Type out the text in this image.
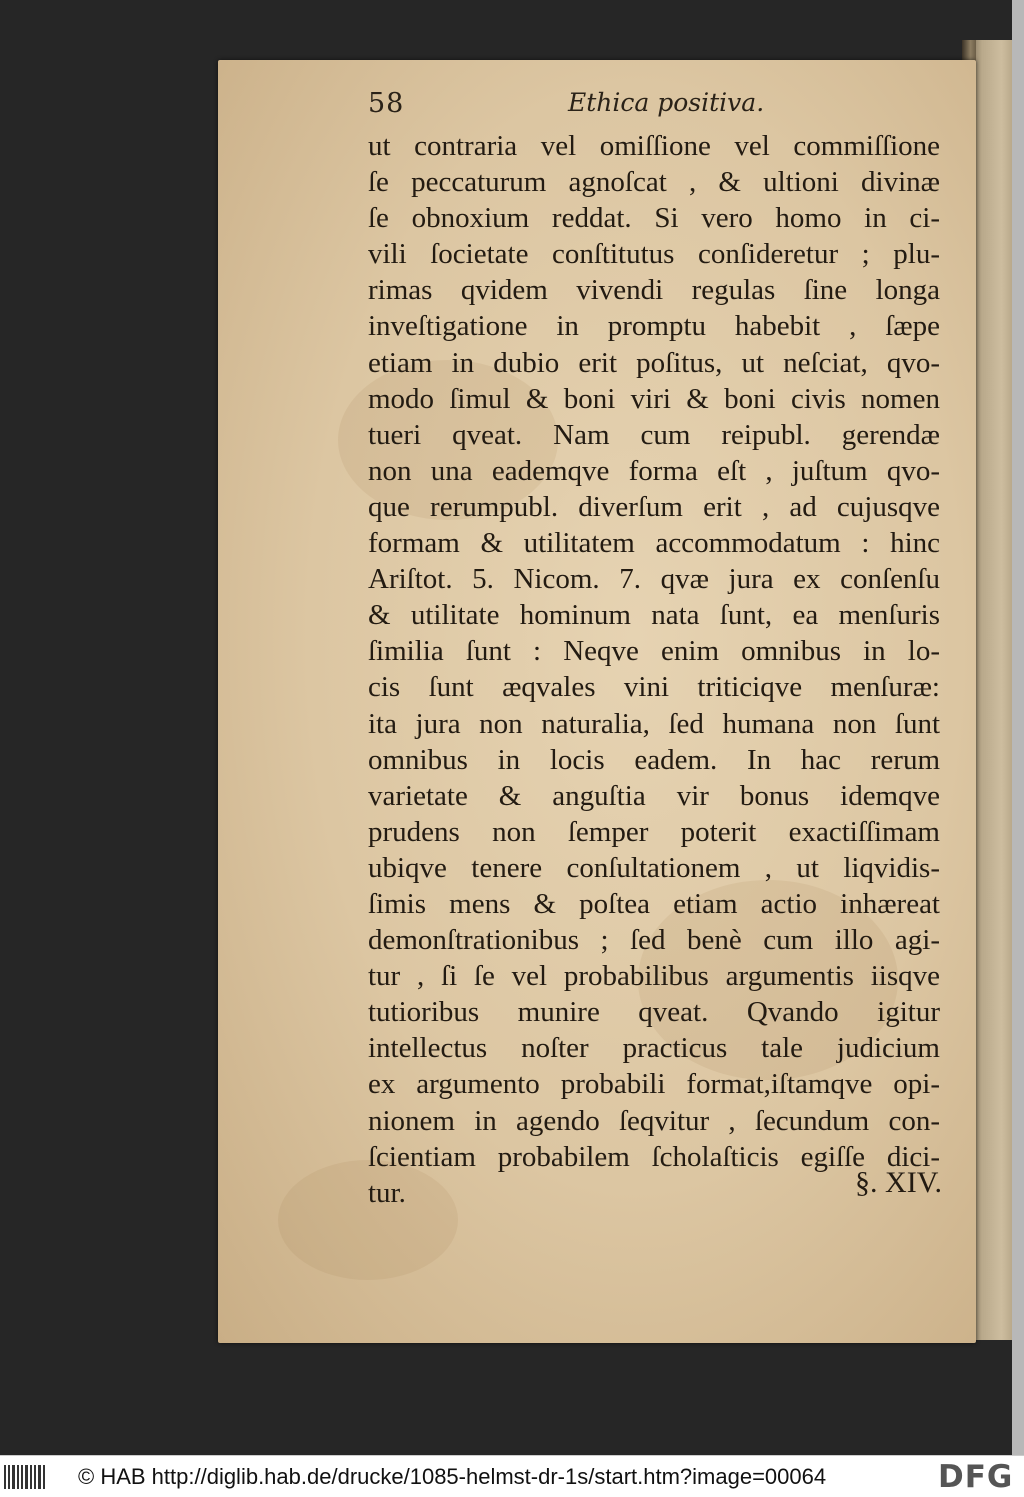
58	Ethica positiva.
ut contraria vel omiſſione vel commiſſione
ſe peccaturum agnoſcat , & ultioni divinæ
ſe obnoxium reddat. Si vero homo in ci-
vili ſocietate conſtitutus conſideretur ; plu-
rimas qvidem vivendi regulas ſine longa
inveſtigatione in promptu habebit , ſæpe
etiam in dubio erit poſitus, ut neſciat, qvo-
modo ſimul & boni viri & boni civis nomen
tueri qveat. Nam cum reipubl. gerendæ
non una eademqve forma eſt , juſtum qvo-
que rerumpubl. diverſum erit , ad cujusqve
formam & utilitatem accommodatum : hinc
Ariſtot. 5. Nicom. 7. qvæ jura ex conſenſu
& utilitate hominum nata ſunt, ea menſuris
ſimilia ſunt : Neqve enim omnibus in lo-
cis ſunt æqvales vini triticiqve menſuræ:
ita jura non naturalia, ſed humana non ſunt
omnibus in locis eadem. In hac rerum
varietate & anguſtia vir bonus idemqve
prudens non ſemper poterit exactiſſimam
ubiqve tenere conſultationem , ut liqvidis-
ſimis mens & poſtea etiam actio inhæreat
demonſtrationibus ; ſed benè cum illo agi-
tur , ſi ſe vel probabilibus argumentis iisqve
tutioribus munire qveat. Qvando igitur
intellectus noſter practicus tale judicium
ex argumento probabili format,iſtamqve opi-
nionem in agendo ſeqvitur , ſecundum con-
ſcientiam probabilem ſcholaſticis egiſſe dici-
tur.	§. XIV.
© HAB http://diglib.hab.de/drucke/1085-helmst-dr-1s/start.htm?image=00064	DFG
